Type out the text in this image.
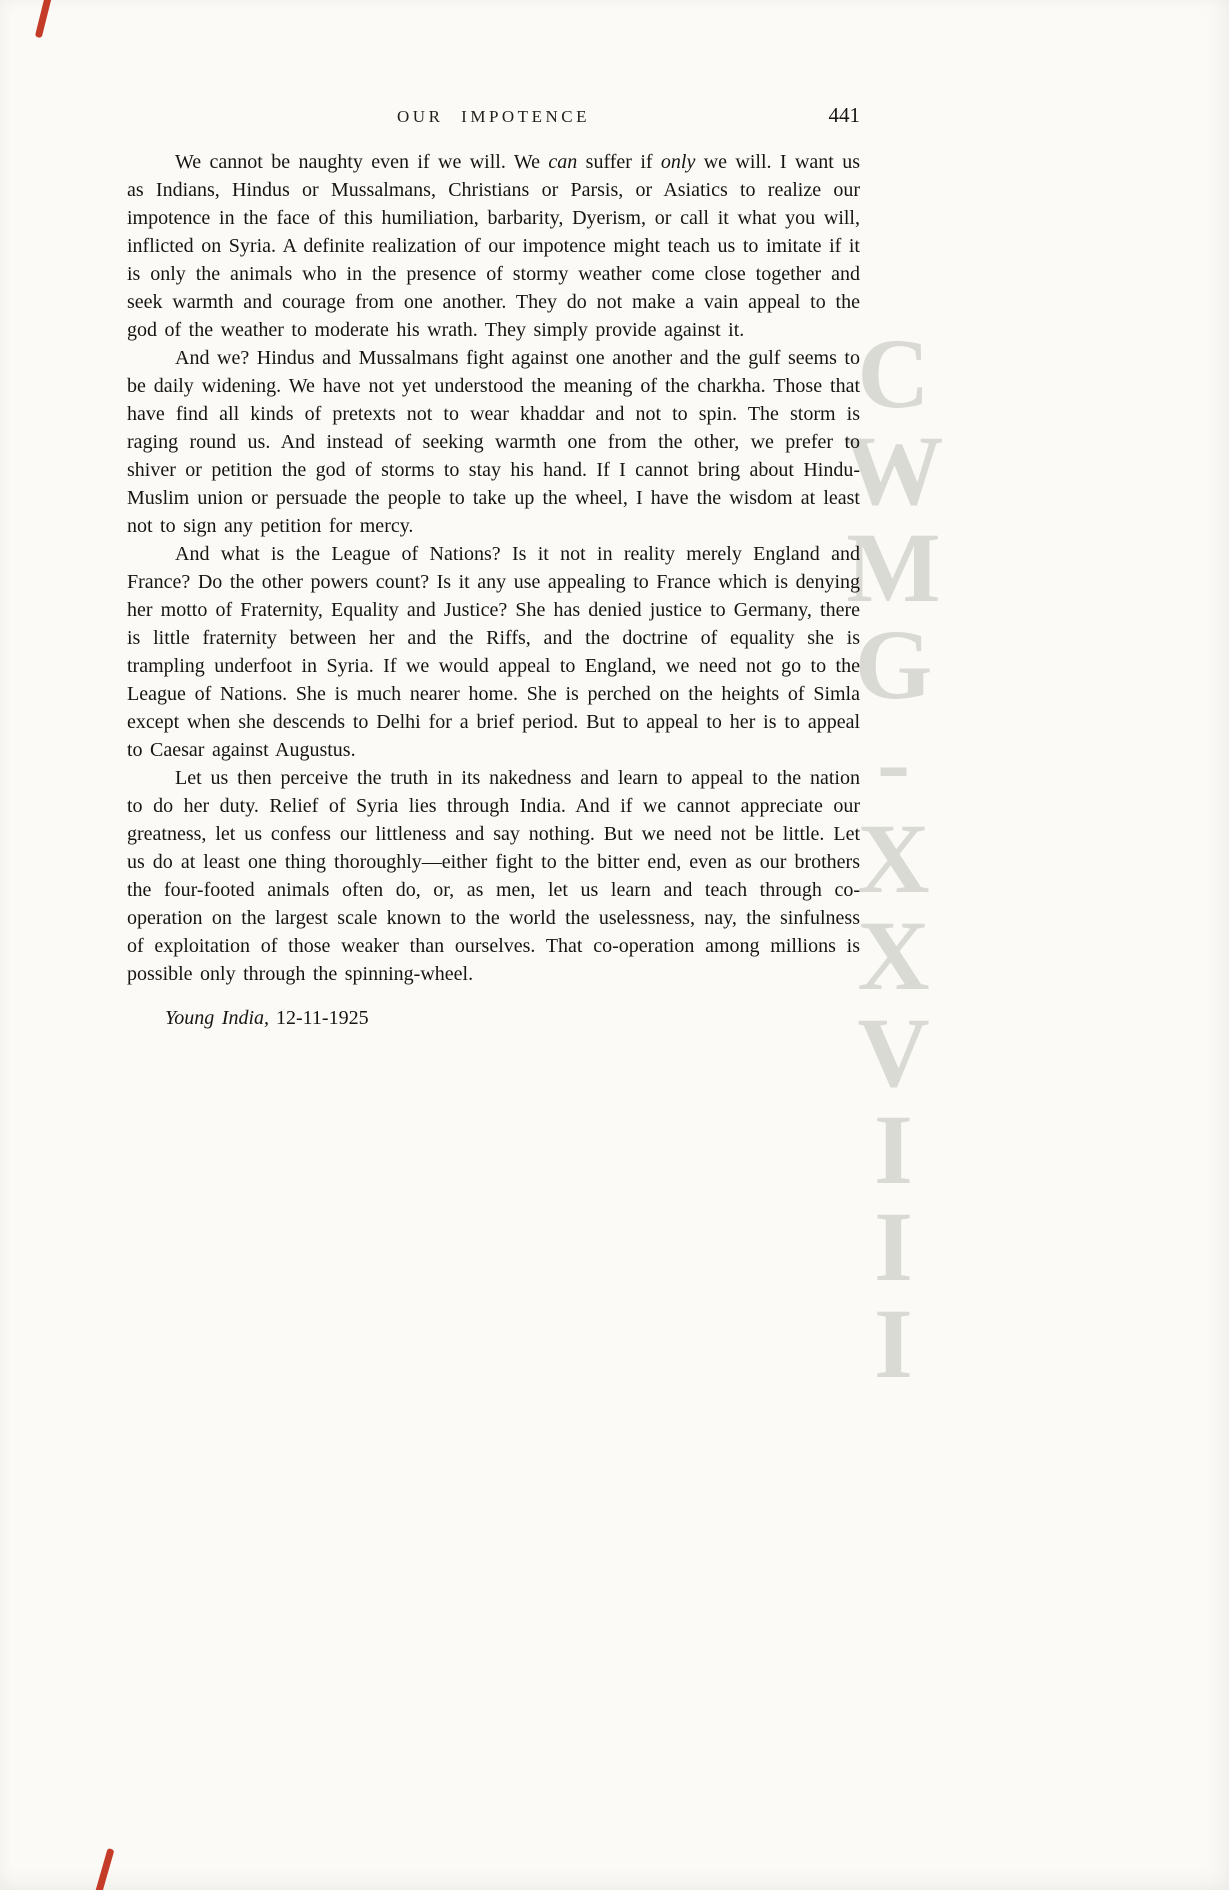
CWMG-XXVIII
OUR IMPOTENCE	441

We cannot be naughty even if we will. We can suffer if only we will. I want us as Indians, Hindus or Mussalmans, Christians or Parsis, or Asiatics to realize our impotence in the face of this humiliation, barbarity, Dyerism, or call it what you will, inflicted on Syria. A definite realization of our impotence might teach us to imitate if it is only the animals who in the presence of stormy weather come close together and seek warmth and courage from one another. They do not make a vain appeal to the god of the weather to moderate his wrath. They simply provide against it.

And we? Hindus and Mussalmans fight against one another and the gulf seems to be daily widening. We have not yet understood the meaning of the charkha. Those that have find all kinds of pretexts not to wear khaddar and not to spin. The storm is raging round us. And instead of seeking warmth one from the other, we prefer to shiver or petition the god of storms to stay his hand. If I cannot bring about Hindu-Muslim union or persuade the people to take up the wheel, I have the wisdom at least not to sign any petition for mercy.

And what is the League of Nations? Is it not in reality merely England and France? Do the other powers count? Is it any use appealing to France which is denying her motto of Fraternity, Equality and Justice? She has denied justice to Germany, there is little fraternity between her and the Riffs, and the doctrine of equality she is trampling underfoot in Syria. If we would appeal to England, we need not go to the League of Nations. She is much nearer home. She is perched on the heights of Simla except when she descends to Delhi for a brief period. But to appeal to her is to appeal to Caesar against Augustus.

Let us then perceive the truth in its nakedness and learn to appeal to the nation to do her duty. Relief of Syria lies through India. And if we cannot appreciate our greatness, let us confess our littleness and say nothing. But we need not be little. Let us do at least one thing thoroughly—either fight to the bitter end, even as our brothers the four-footed animals often do, or, as men, let us learn and teach through co-operation on the largest scale known to the world the uselessness, nay, the sinfulness of exploitation of those weaker than ourselves. That co-operation among millions is possible only through the spinning-wheel.

Young India, 12-11-1925
